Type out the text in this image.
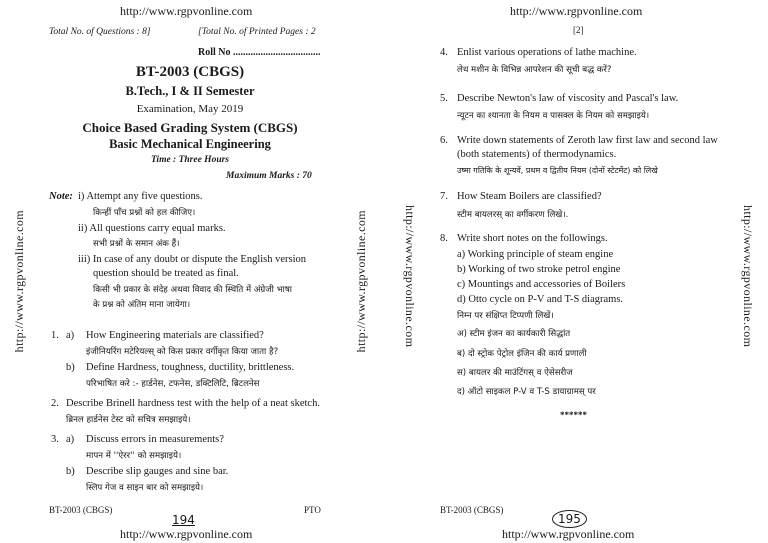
http://www.rgpvonline.com
Total No. of Questions : 8]	[Total No. of Printed Pages : 2
Roll No ...................................
BT-2003 (CBGS)
B.Tech., I & II Semester
Examination, May 2019
Choice Based Grading System (CBGS)
Basic Mechanical Engineering
Time : Three Hours
Maximum Marks : 70
Note: i) Attempt any five questions.
किन्हीं पाँच प्रश्नों को हल कीजिए।
ii) All questions carry equal marks.
सभी प्रश्नों के समान अंक हैं।
iii) In case of any doubt or dispute the English version
question should be treated as final.
किसी भी प्रकार के संदेह अथवा विवाद की स्थिति में अंग्रेजी भाषा
के प्रश्न को अंतिम माना जायेगा।
1. a) How Engineering materials are classified?
इंजीनियरिंग मटेरियल्स् को किस प्रकार वर्गीकृत किया जाता है?
b) Define Hardness, toughness, ductility, brittleness.
परिभाषित करे :- हार्डनेस, टफनेस, डक्टिलिटि, ब्रिटलनेस
2. Describe Brinell hardness test with the help of a neat sketch.
ब्रिनल हार्डनेस टेस्ट को सचित्र समझाइये।
3. a) Discuss errors in measurements?
मापन में ''ऐरर'' को समझाइये।
b) Describe slip gauges and sine bar.
स्लिप गेज व साइन बार को समझाइये।
BT-2003 (CBGS)	PTO
194
http://www.rgpvonline.com
http://www.rgpvonline.com	http://www.rgpvonline.com
http://www.rgpvonline.com
[2]
4. Enlist various operations of lathe machine.
लेथ मशीन के विभिन्न आपरेशन की सूची बद्ध करें?
5. Describe Newton's law of viscosity and Pascal's law.
न्यूटन का श्यानता के नियम व पासक्ल के नियम को समझाइये।
6. Write down statements of Zeroth law first law and second law
(both statements) of thermodynamics.
उष्मा गतिकि के शून्यवें, प्रथम व द्वितीय नियम (दोनों स्टेटमेंट) को लिखे
7. How Steam Boilers are classified?
स्टीम बायलरस् का वर्गीकरण लिखे।.
8. Write short notes on the followings.
a) Working principle of steam engine
b) Working of two stroke petrol engine
c) Mountings and accessories of Boilers
d) Otto cycle on P-V and T-S diagrams.
निम्न पर संक्षिप्त टिप्पणी लिखें।
अ) स्टीम इंजन का कार्यकारी सिद्धांत
ब) दो स्ट्रोक पेट्रोल इंजिन की कार्य प्रणाली
स) बायलर की माउंटिंगस् व ऐसेसरीज
द) ऑटो साइकल P-V व T-S डायाग्रामस् पर
******
BT-2003 (CBGS)
195
http://www.rgpvonline.com
http://www.rgpvonline.com	http://www.rgpvonline.com
